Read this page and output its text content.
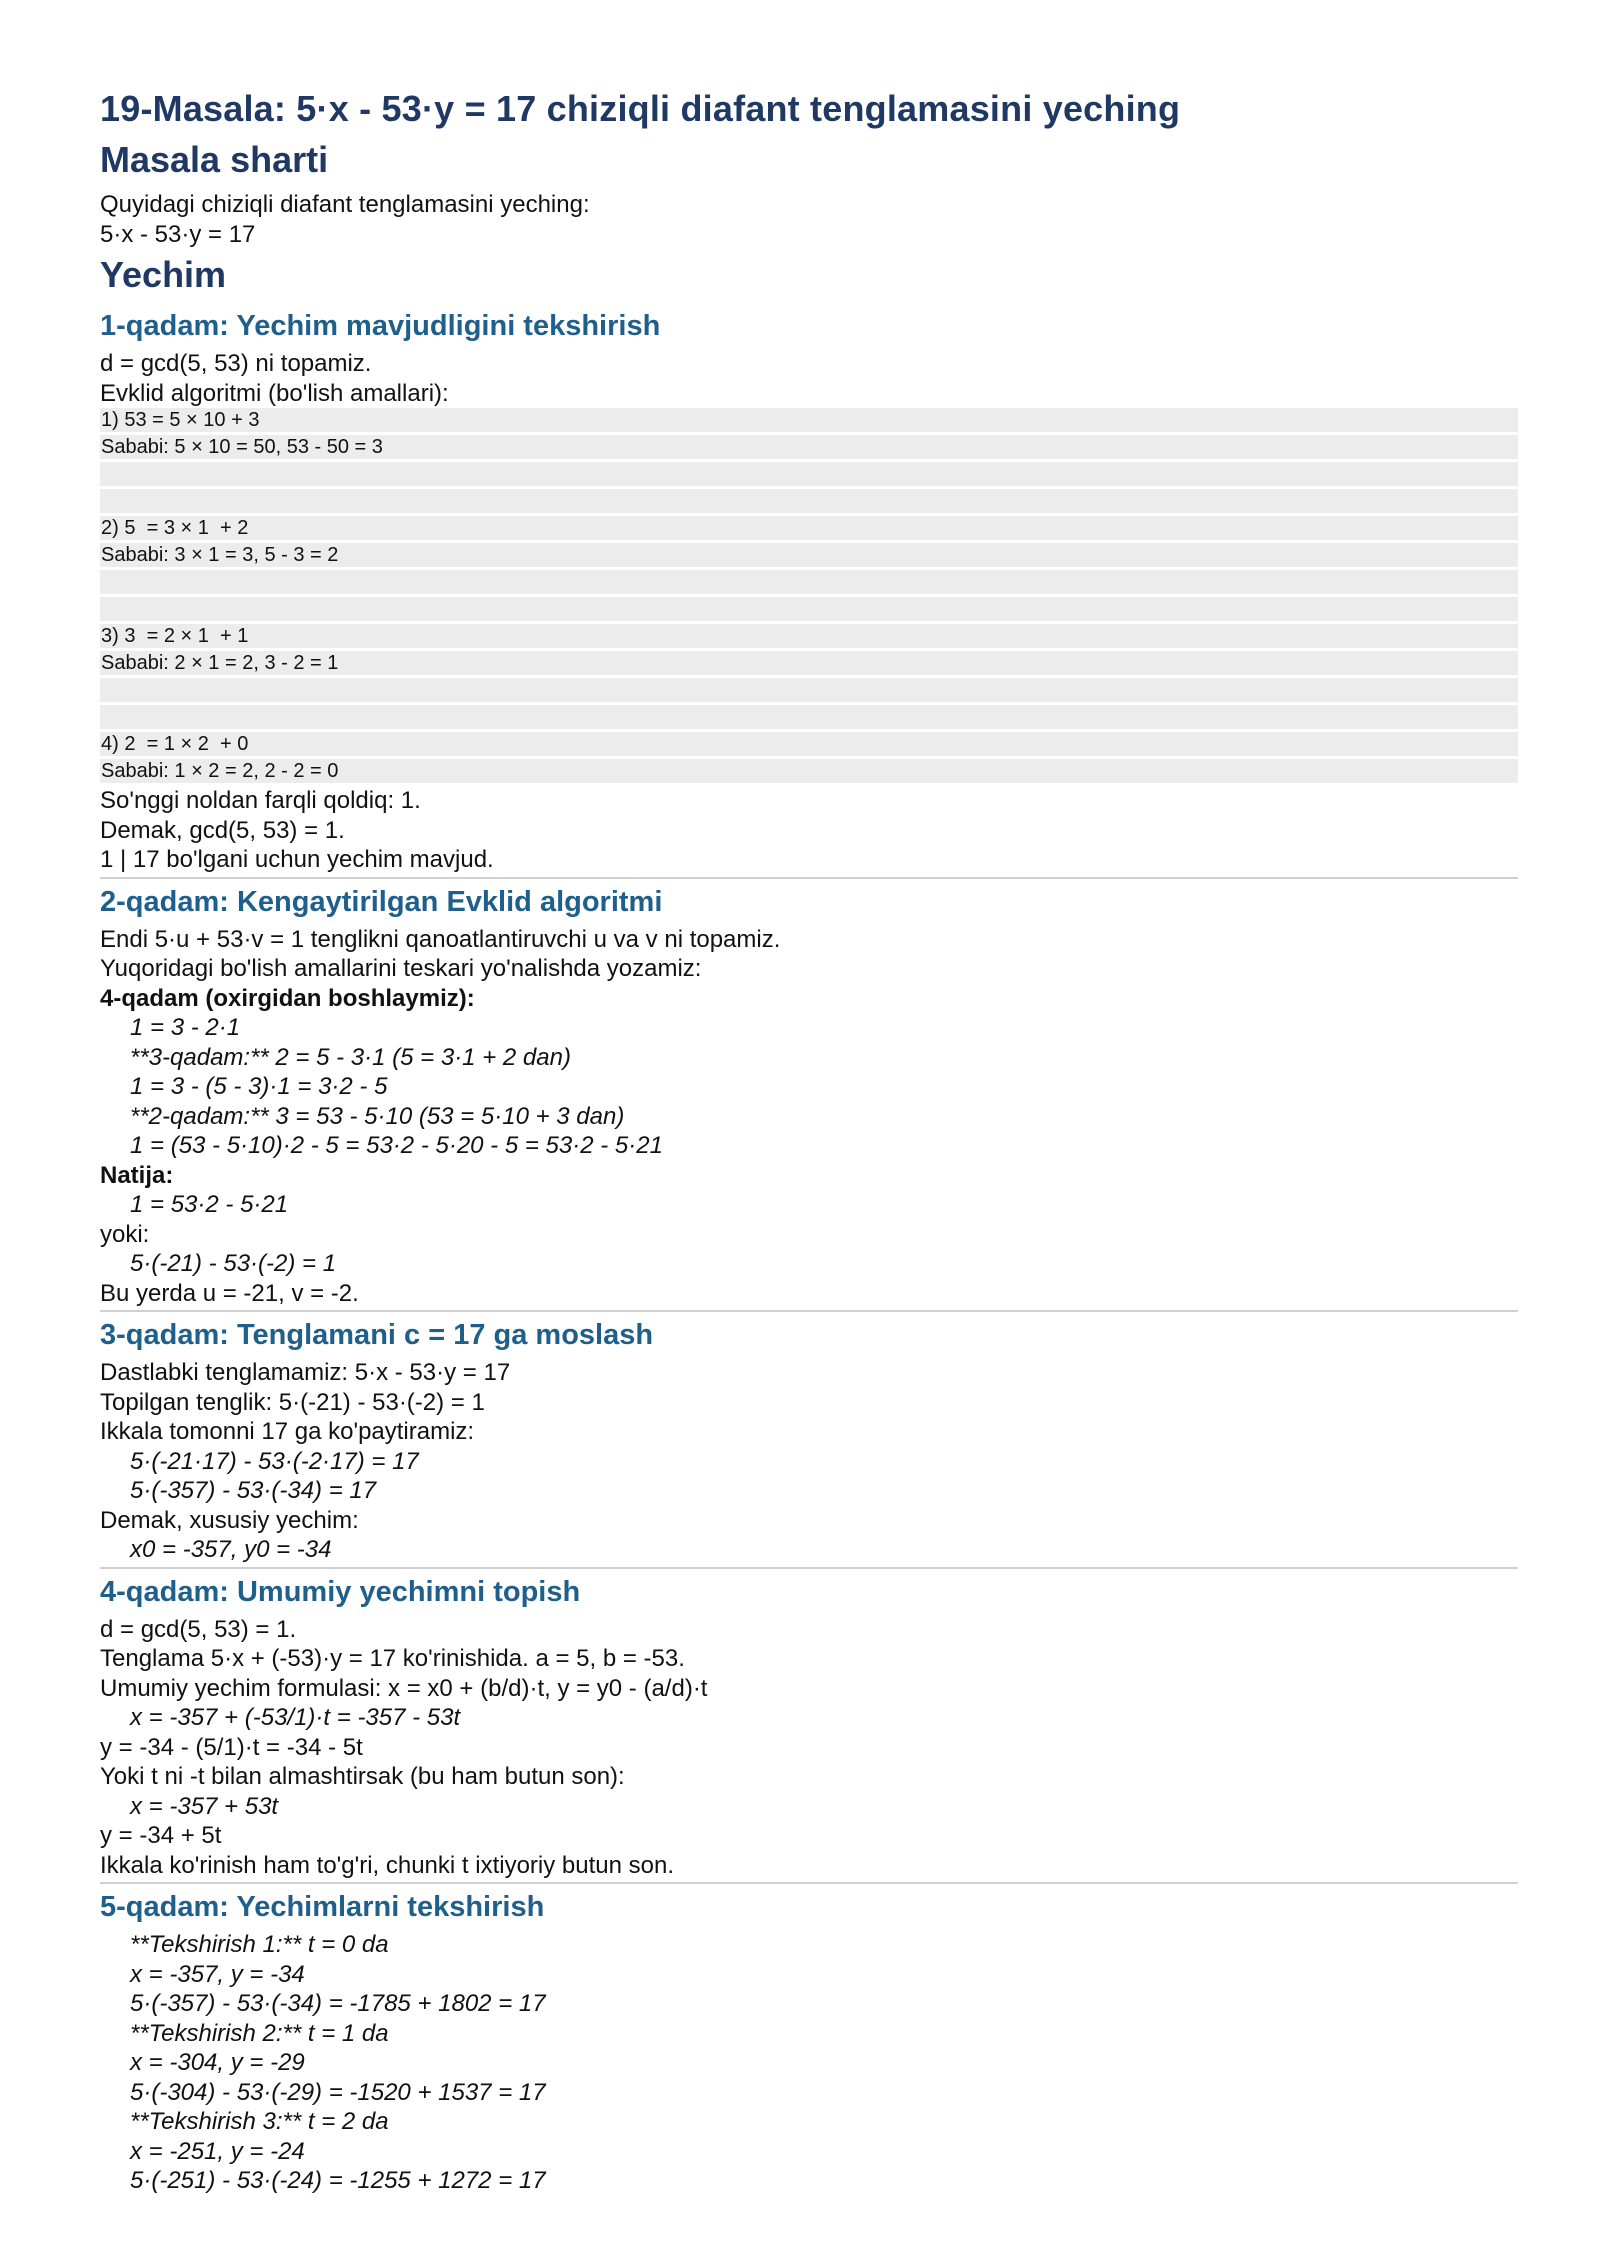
19-Masala: 5·x - 53·y = 17 chiziqli diafant tenglamasini yeching
Masala sharti
Quyidagi chiziqli diafant tenglamasini yeching:
5·x - 53·y = 17
Yechim
1-qadam: Yechim mavjudligini tekshirish
d = gcd(5, 53) ni topamiz.
Evklid algoritmi (bo'lish amallari):
1) 53 = 5 × 10 + 3
Sababi: 5 × 10 = 50, 53 - 50 = 3
2) 5  = 3 × 1  + 2
Sababi: 3 × 1 = 3, 5 - 3 = 2
3) 3  = 2 × 1  + 1
Sababi: 2 × 1 = 2, 3 - 2 = 1
4) 2  = 1 × 2  + 0
Sababi: 1 × 2 = 2, 2 - 2 = 0
So'nggi noldan farqli qoldiq: 1.
Demak, gcd(5, 53) = 1.
1 | 17 bo'lgani uchun yechim mavjud.
2-qadam: Kengaytirilgan Evklid algoritmi
Endi 5·u + 53·v = 1 tenglikni qanoatlantiruvchi u va v ni topamiz.
Yuqoridagi bo'lish amallarini teskari yo'nalishda yozamiz:
4-qadam (oxirgidan boshlaymiz):
1 = 3 - 2·1
**3-qadam:** 2 = 5 - 3·1 (5 = 3·1 + 2 dan)
1 = 3 - (5 - 3)·1 = 3·2 - 5
**2-qadam:** 3 = 53 - 5·10 (53 = 5·10 + 3 dan)
1 = (53 - 5·10)·2 - 5 = 53·2 - 5·20 - 5 = 53·2 - 5·21
Natija:
1 = 53·2 - 5·21
yoki:
5·(-21) - 53·(-2) = 1
Bu yerda u = -21, v = -2.
3-qadam: Tenglamani c = 17 ga moslash
Dastlabki tenglamamiz: 5·x - 53·y = 17
Topilgan tenglik: 5·(-21) - 53·(-2) = 1
Ikkala tomonni 17 ga ko'paytiramiz:
5·(-21·17) - 53·(-2·17) = 17
5·(-357) - 53·(-34) = 17
Demak, xususiy yechim:
x0 = -357, y0 = -34
4-qadam: Umumiy yechimni topish
d = gcd(5, 53) = 1.
Tenglama 5·x + (-53)·y = 17 ko'rinishida. a = 5, b = -53.
Umumiy yechim formulasi: x = x0 + (b/d)·t, y = y0 - (a/d)·t
x = -357 + (-53/1)·t = -357 - 53t
y = -34 - (5/1)·t = -34 - 5t
Yoki t ni -t bilan almashtirsak (bu ham butun son):
x = -357 + 53t
y = -34 + 5t
Ikkala ko'rinish ham to'g'ri, chunki t ixtiyoriy butun son.
5-qadam: Yechimlarni tekshirish
**Tekshirish 1:** t = 0 da
x = -357, y = -34
5·(-357) - 53·(-34) = -1785 + 1802 = 17
**Tekshirish 2:** t = 1 da
x = -304, y = -29
5·(-304) - 53·(-29) = -1520 + 1537 = 17
**Tekshirish 3:** t = 2 da
x = -251, y = -24
5·(-251) - 53·(-24) = -1255 + 1272 = 17
